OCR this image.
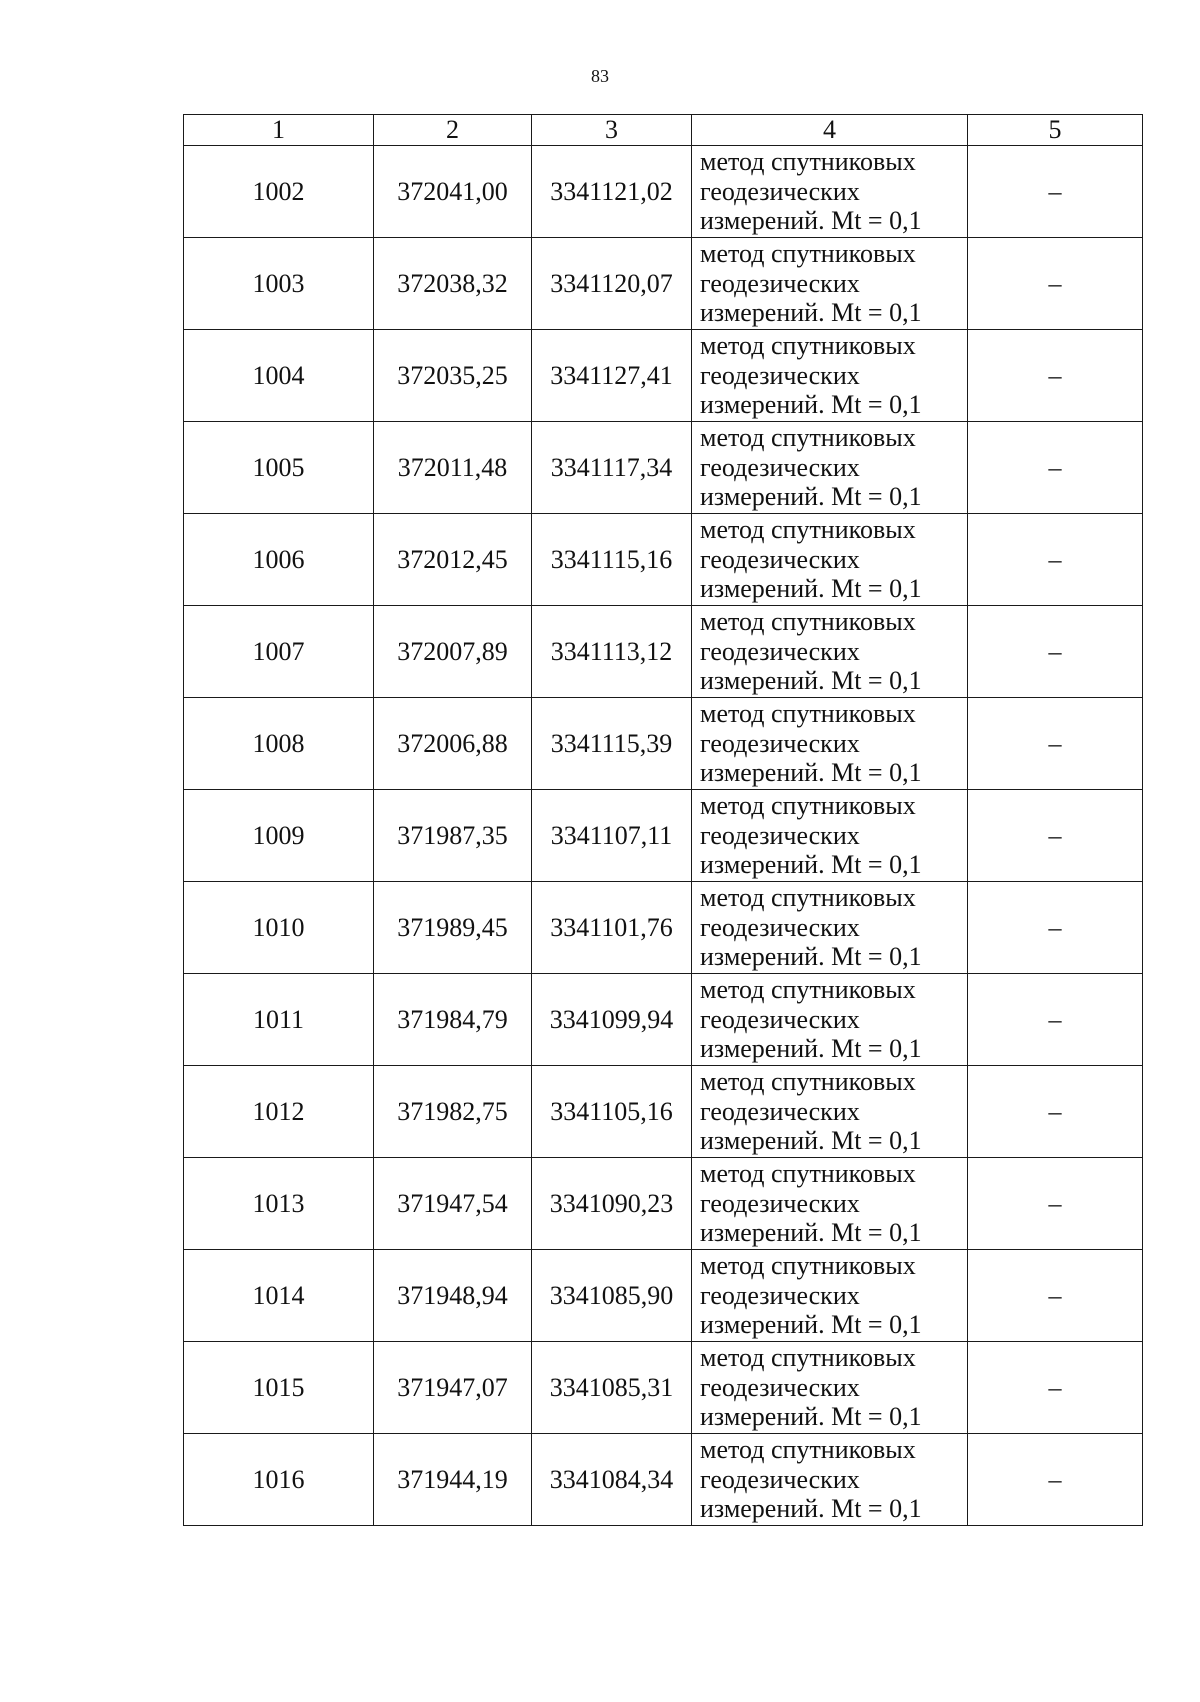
83
1	2	3	4	5
1002	372041,00	3341121,02	метод спутниковых
геодезических
измерений. Mt = 0,1	–
1003	372038,32	3341120,07	метод спутниковых
геодезических
измерений. Mt = 0,1	–
1004	372035,25	3341127,41	метод спутниковых
геодезических
измерений. Mt = 0,1	–
1005	372011,48	3341117,34	метод спутниковых
геодезических
измерений. Mt = 0,1	–
1006	372012,45	3341115,16	метод спутниковых
геодезических
измерений. Mt = 0,1	–
1007	372007,89	3341113,12	метод спутниковых
геодезических
измерений. Mt = 0,1	–
1008	372006,88	3341115,39	метод спутниковых
геодезических
измерений. Mt = 0,1	–
1009	371987,35	3341107,11	метод спутниковых
геодезических
измерений. Mt = 0,1	–
1010	371989,45	3341101,76	метод спутниковых
геодезических
измерений. Mt = 0,1	–
1011	371984,79	3341099,94	метод спутниковых
геодезических
измерений. Mt = 0,1	–
1012	371982,75	3341105,16	метод спутниковых
геодезических
измерений. Mt = 0,1	–
1013	371947,54	3341090,23	метод спутниковых
геодезических
измерений. Mt = 0,1	–
1014	371948,94	3341085,90	метод спутниковых
геодезических
измерений. Mt = 0,1	–
1015	371947,07	3341085,31	метод спутниковых
геодезических
измерений. Mt = 0,1	–
1016	371944,19	3341084,34	метод спутниковых
геодезических
измерений. Mt = 0,1	–
